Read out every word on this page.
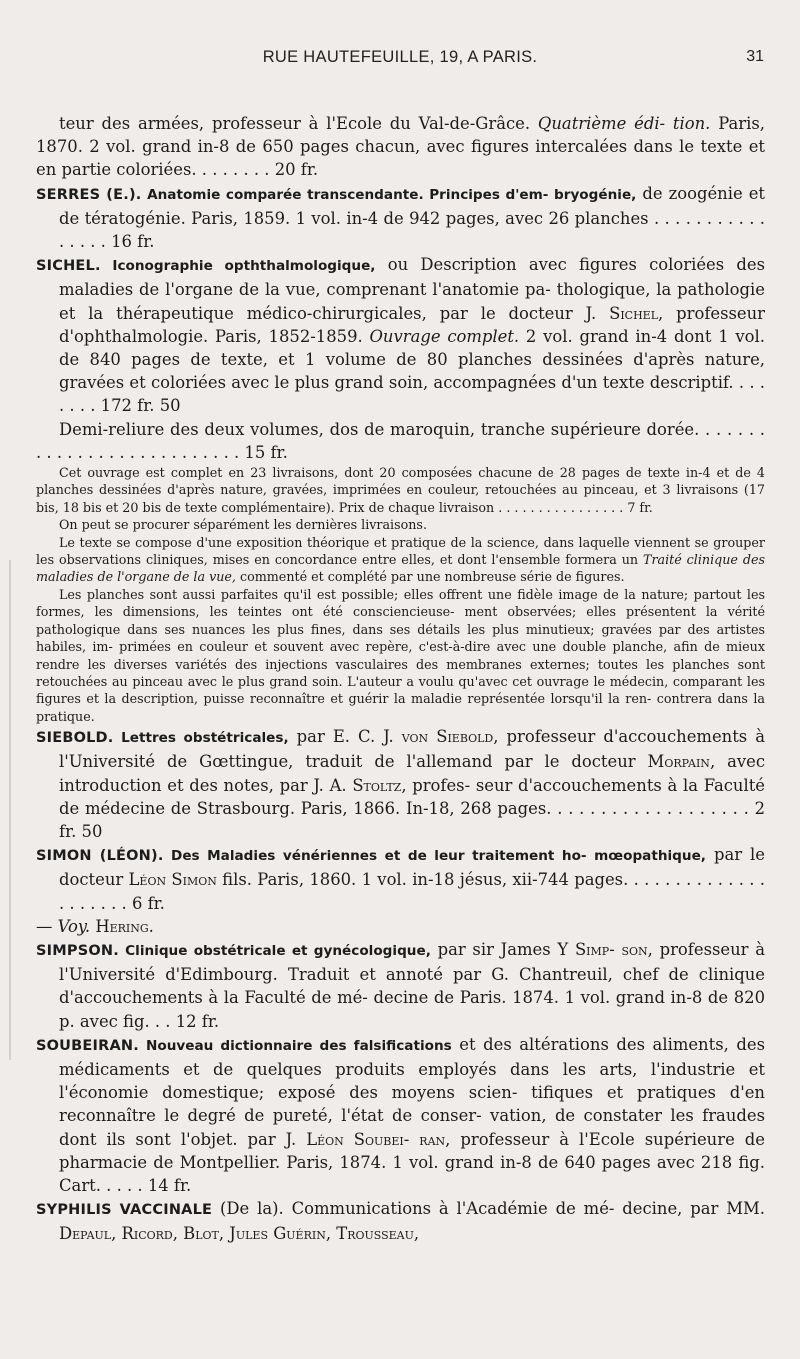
RUE HAUTEFEUILLE, 19, A PARIS.	31

teur des armées, professeur à l'Ecole du Val-de-Grâce. Quatrième édi- tion. Paris, 1870. 2 vol. grand in-8 de 650 pages chacun, avec figures intercalées dans le texte et en partie coloriées. . . . . . . . 20 fr.

SERRES (E.). Anatomie comparée transcendante. Principes d'em- bryogénie, de zoogénie et de tératogénie. Paris, 1859. 1 vol. in-4 de 942 pages, avec 26 planches . . . . . . . . . . . . . . . . 16 fr.

SICHEL. Iconographie opththalmologique, ou Description avec figures coloriées des maladies de l'organe de la vue, comprenant l'anatomie pa- thologique, la pathologie et la thérapeutique médico-chirurgicales, par le docteur J. Sichel, professeur d'ophthalmologie. Paris, 1852-1859. Ouvrage complet. 2 vol. grand in-4 dont 1 vol. de 840 pages de texte, et 1 volume de 80 planches dessinées d'après nature, gravées et coloriées avec le plus grand soin, accompagnées d'un texte descriptif. . . . . . . . 172 fr. 50

Demi-reliure des deux volumes, dos de maroquin, tranche supérieure dorée. . . . . . . . . . . . . . . . . . . . . . . . . . . 15 fr.

Cet ouvrage est complet en 23 livraisons, dont 20 composées chacune de 28 pages de texte in-4 et de 4 planches dessinées d'après nature, gravées, imprimées en couleur, retouchées au pinceau, et 3 livraisons (17 bis, 18 bis et 20 bis de texte complémentaire). Prix de chaque livraison . . . . . . . . . . . . . . . . 7 fr.

On peut se procurer séparément les dernières livraisons.

Le texte se compose d'une exposition théorique et pratique de la science, dans laquelle viennent se grouper les observations cliniques, mises en concordance entre elles, et dont l'ensemble formera un Traité clinique des maladies de l'organe de la vue, commenté et complété par une nombreuse série de figures.

Les planches sont aussi parfaites qu'il est possible; elles offrent une fidèle image de la nature; partout les formes, les dimensions, les teintes ont été consciencieuse- ment observées; elles présentent la vérité pathologique dans ses nuances les plus fines, dans ses détails les plus minutieux; gravées par des artistes habiles, im- primées en couleur et souvent avec repère, c'est-à-dire avec une double planche, afin de mieux rendre les diverses variétés des injections vasculaires des membranes externes; toutes les planches sont retouchées au pinceau avec le plus grand soin. L'auteur a voulu qu'avec cet ouvrage le médecin, comparant les figures et la description, puisse reconnaître et guérir la maladie représentée lorsqu'il la ren- contrera dans la pratique.

SIEBOLD. Lettres obstétricales, par E. C. J. von Siebold, professeur d'accouchements à l'Université de Gœttingue, traduit de l'allemand par le docteur Morpain, avec introduction et des notes, par J. A. Stoltz, profes- seur d'accouchements à la Faculté de médecine de Strasbourg. Paris, 1866. In-18, 268 pages. . . . . . . . . . . . . . . . . . . 2 fr. 50

SIMON (LÉON). Des Maladies vénériennes et de leur traitement ho- mœopathique, par le docteur Léon Simon fils. Paris, 1860. 1 vol. in-18 jésus, xii-744 pages. . . . . . . . . . . . . . . . . . . . . 6 fr.

— Voy. Hering.

SIMPSON. Clinique obstétricale et gynécologique, par sir James Y Simp- son, professeur à l'Université d'Edimbourg. Traduit et annoté par G. Chantreuil, chef de clinique d'accouchements à la Faculté de mé- decine de Paris. 1874. 1 vol. grand in-8 de 820 p. avec fig. . . 12 fr.

SOUBEIRAN. Nouveau dictionnaire des falsifications et des altérations des aliments, des médicaments et de quelques produits employés dans les arts, l'industrie et l'économie domestique; exposé des moyens scien- tifiques et pratiques d'en reconnaître le degré de pureté, l'état de conser- vation, de constater les fraudes dont ils sont l'objet. par J. Léon Soubei- ran, professeur à l'Ecole supérieure de pharmacie de Montpellier. Paris, 1874. 1 vol. grand in-8 de 640 pages avec 218 fig. Cart. . . . . 14 fr.

SYPHILIS VACCINALE (De la). Communications à l'Académie de mé- decine, par MM. Depaul, Ricord, Blot, Jules Guérin, Trousseau,
